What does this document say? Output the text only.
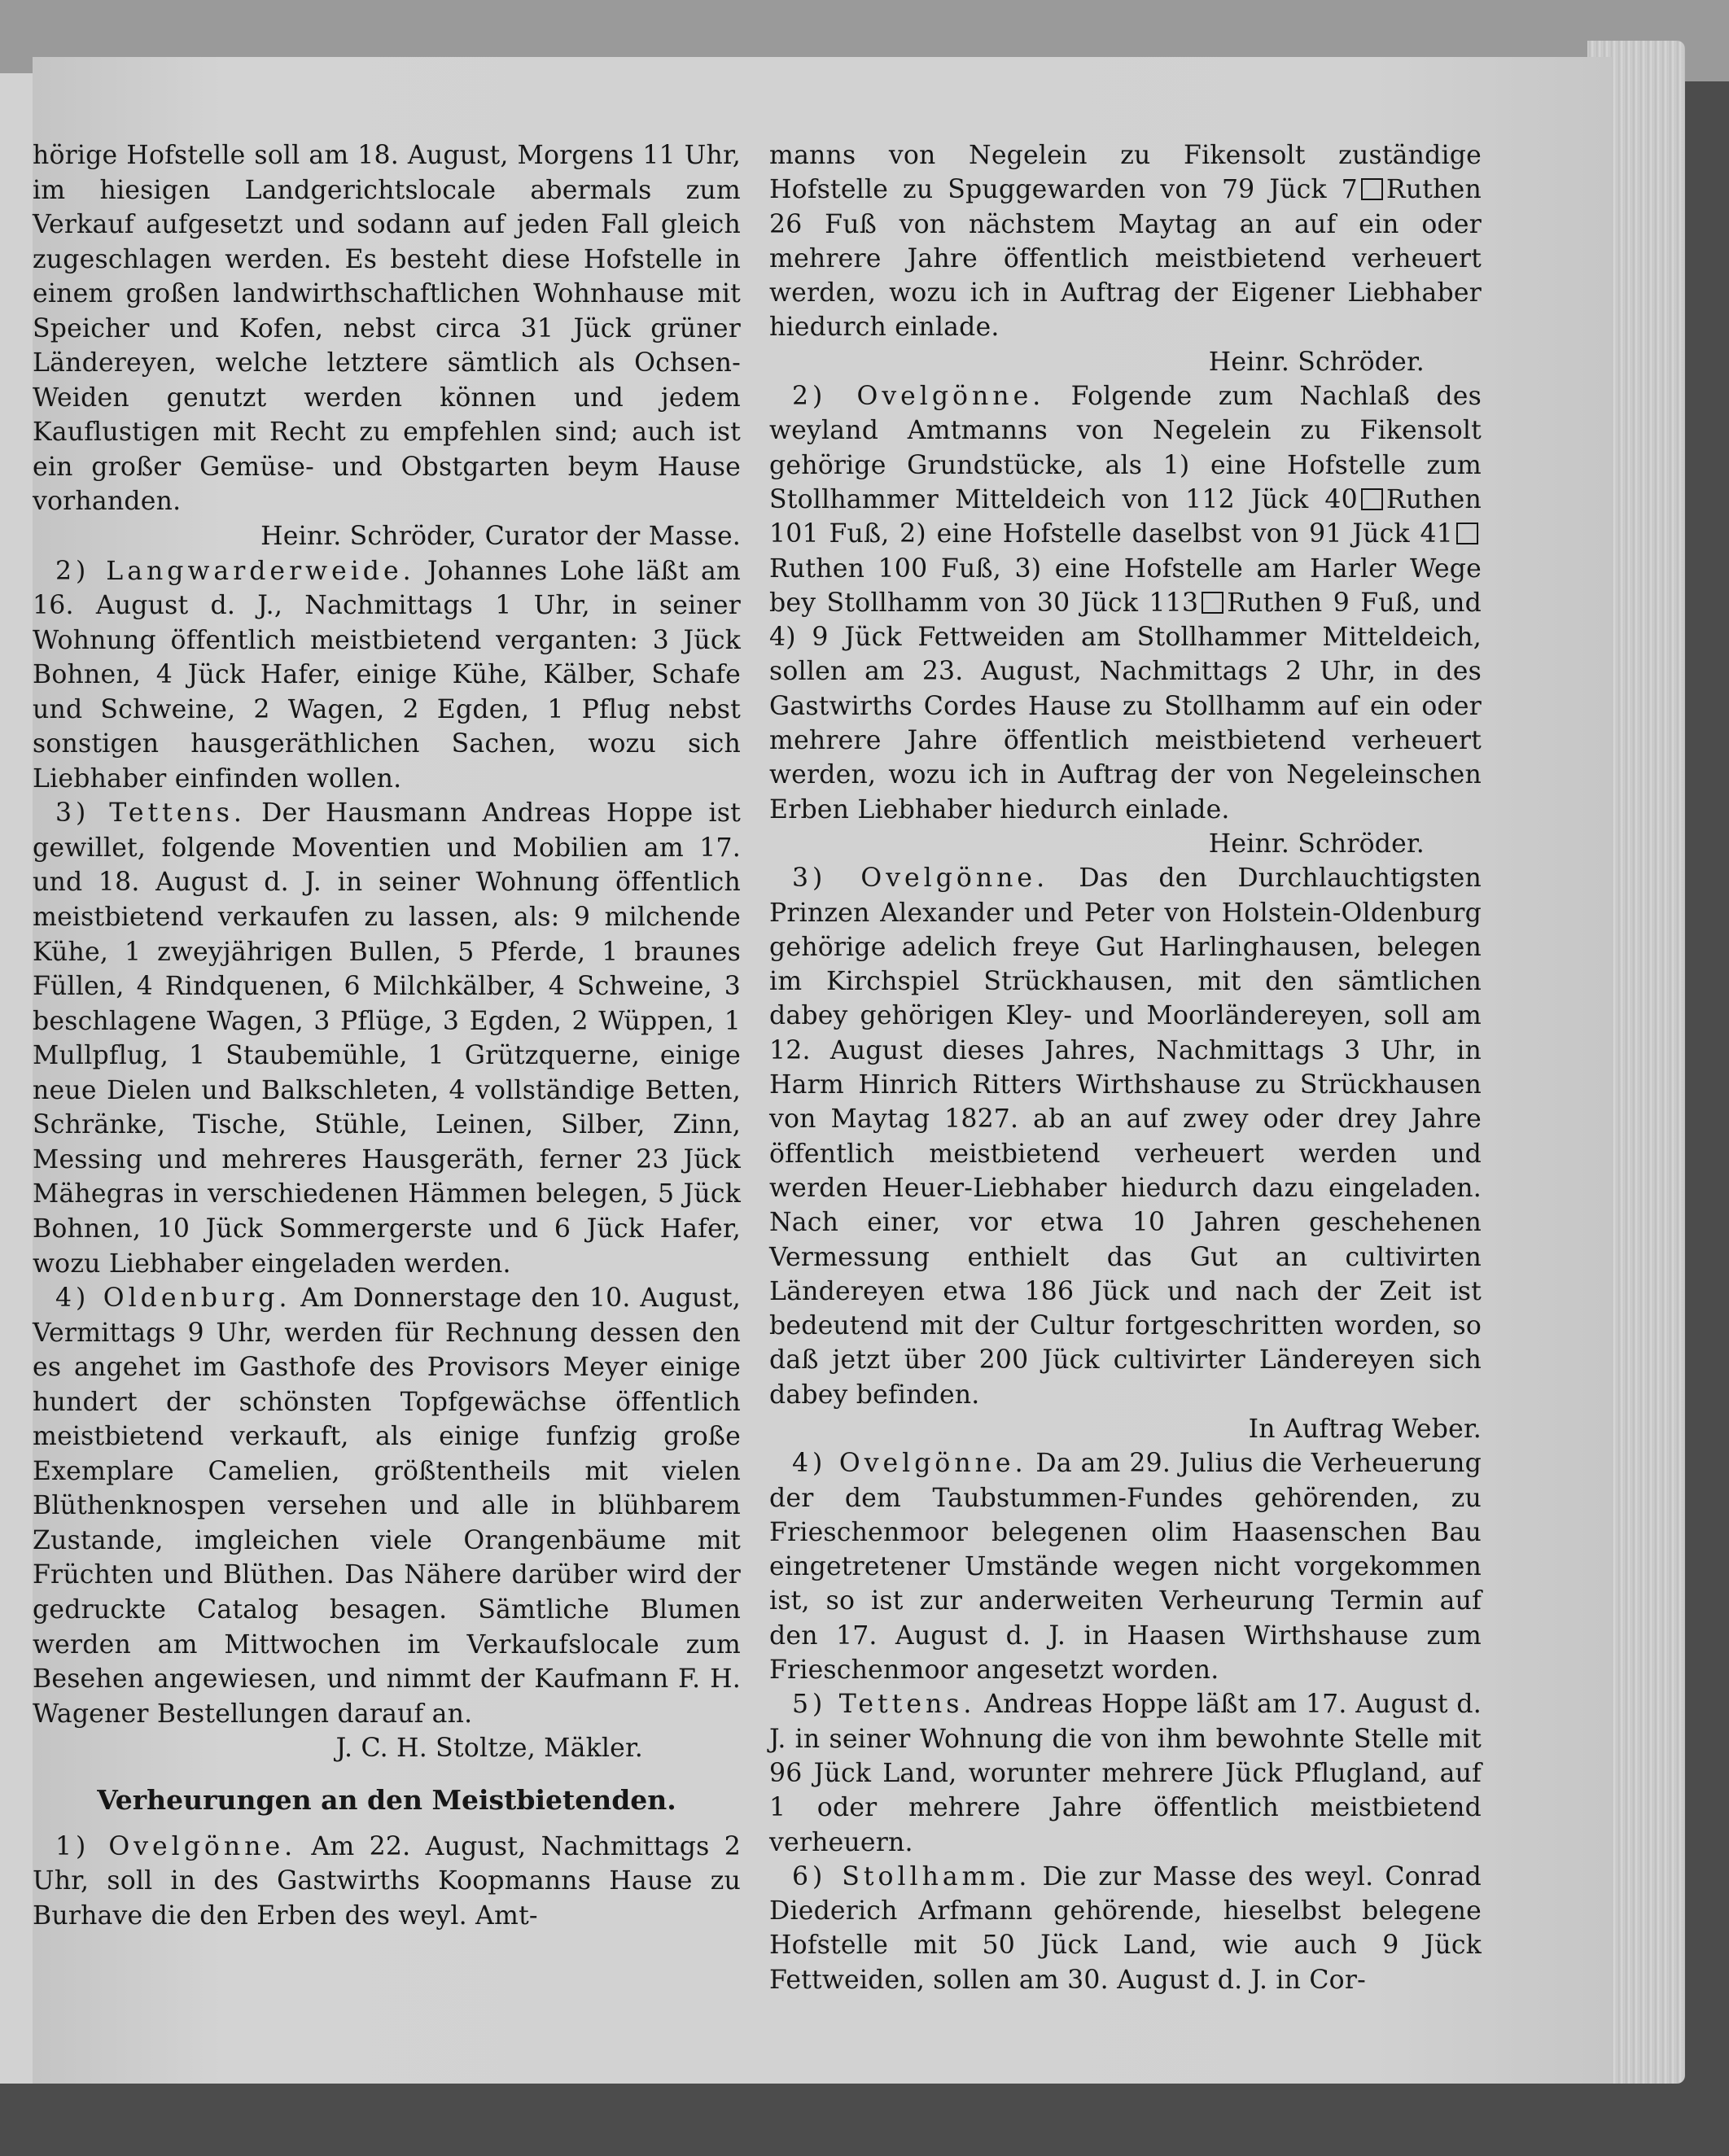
hörige Hofstelle soll am 18. August, Morgens 11 Uhr, im hiesigen Landgerichtslocale abermals zum Verkauf aufgesetzt und sodann auf jeden Fall gleich zugeschlagen werden. Es besteht diese Hofstelle in einem großen landwirthschaftlichen Wohnhause mit Speicher und Kofen, nebst circa 31 Jück grüner Ländereyen, welche letztere sämtlich als Ochsen-Weiden genutzt werden können und jedem Kauflustigen mit Recht zu empfehlen sind; auch ist ein großer Gemüse- und Obstgarten beym Hause vorhanden.

Heinr. Schröder, Curator der Masse.

2) Langwarderweide. Johannes Lohe läßt am 16. August d. J., Nachmittags 1 Uhr, in seiner Wohnung öffentlich meistbietend verganten: 3 Jück Bohnen, 4 Jück Hafer, einige Kühe, Kälber, Schafe und Schweine, 2 Wagen, 2 Egden, 1 Pflug nebst sonstigen hausgeräthlichen Sachen, wozu sich Liebhaber einfinden wollen.

3) Tettens. Der Hausmann Andreas Hoppe ist gewillet, folgende Moventien und Mobilien am 17. und 18. August d. J. in seiner Wohnung öffentlich meistbietend verkaufen zu lassen, als: 9 milchende Kühe, 1 zweyjährigen Bullen, 5 Pferde, 1 braunes Füllen, 4 Rindquenen, 6 Milchkälber, 4 Schweine, 3 beschlagene Wagen, 3 Pflüge, 3 Egden, 2 Wüppen, 1 Mullpflug, 1 Staubemühle, 1 Grützquerne, einige neue Dielen und Balkschleten, 4 vollständige Betten, Schränke, Tische, Stühle, Leinen, Silber, Zinn, Messing und mehreres Hausgeräth, ferner 23 Jück Mähegras in verschiedenen Hämmen belegen, 5 Jück Bohnen, 10 Jück Sommergerste und 6 Jück Hafer, wozu Liebhaber eingeladen werden.

4) Oldenburg. Am Donnerstage den 10. August, Vermittags 9 Uhr, werden für Rechnung dessen den es angehet im Gasthofe des Provisors Meyer einige hundert der schönsten Topfgewächse öffentlich meistbietend verkauft, als einige funfzig große Exemplare Camelien, größtentheils mit vielen Blüthenknospen versehen und alle in blühbarem Zustande, imgleichen viele Orangenbäume mit Früchten und Blüthen. Das Nähere darüber wird der gedruckte Catalog besagen. Sämtliche Blumen werden am Mittwochen im Verkaufslocale zum Besehen angewiesen, und nimmt der Kaufmann F. H. Wagener Bestellungen darauf an.

J. C. H. Stoltze, Mäkler.

Verheurungen an den Meistbietenden.

1) Ovelgönne. Am 22. August, Nachmittags 2 Uhr, soll in des Gastwirths Koopmanns Hause zu Burhave die den Erben des weyl. Amt-

manns von Negelein zu Fikensolt zuständige Hofstelle zu Spuggewarden von 79 Jück 7 Ruthen 26 Fuß von nächstem Maytag an auf ein oder mehrere Jahre öffentlich meistbietend verheuert werden, wozu ich in Auftrag der Eigener Liebhaber hiedurch einlade.

Heinr. Schröder.

2) Ovelgönne. Folgende zum Nachlaß des weyland Amtmanns von Negelein zu Fikensolt gehörige Grundstücke, als 1) eine Hofstelle zum Stollhammer Mitteldeich von 112 Jück 40 Ruthen 101 Fuß, 2) eine Hofstelle daselbst von 91 Jück 41Ruthen 100 Fuß, 3) eine Hofstelle am Harler Wege bey Stollhamm von 30 Jück 113 Ruthen 9 Fuß, und 4) 9 Jück Fettweiden am Stollhammer Mitteldeich, sollen am 23. August, Nachmittags 2 Uhr, in des Gastwirths Cordes Hause zu Stollhamm auf ein oder mehrere Jahre öffentlich meistbietend verheuert werden, wozu ich in Auftrag der von Negeleinschen Erben Liebhaber hiedurch einlade.

Heinr. Schröder.

3) Ovelgönne. Das den Durchlauchtigsten Prinzen Alexander und Peter von Holstein-Oldenburg gehörige adelich freye Gut Harlinghausen, belegen im Kirchspiel Strückhausen, mit den sämtlichen dabey gehörigen Kley- und Moorländereyen, soll am 12. August dieses Jahres, Nachmittags 3 Uhr, in Harm Hinrich Ritters Wirthshause zu Strückhausen von Maytag 1827. ab an auf zwey oder drey Jahre öffentlich meistbietend verheuert werden und werden Heuer-Liebhaber hiedurch dazu eingeladen. Nach einer, vor etwa 10 Jahren geschehenen Vermessung enthielt das Gut an cultivirten Ländereyen etwa 186 Jück und nach der Zeit ist bedeutend mit der Cultur fortgeschritten worden, so daß jetzt über 200 Jück cultivirter Ländereyen sich dabey befinden.

In Auftrag Weber.

4) Ovelgönne. Da am 29. Julius die Verheuerung der dem Taubstummen-Fundes gehörenden, zu Frieschenmoor belegenen olim Haasenschen Bau eingetretener Umstände wegen nicht vorgekommen ist, so ist zur anderweiten Verheurung Termin auf den 17. August d. J. in Haasen Wirthshause zum Frieschenmoor angesetzt worden.

5) Tettens. Andreas Hoppe läßt am 17. August d. J. in seiner Wohnung die von ihm bewohnte Stelle mit 96 Jück Land, worunter mehrere Jück Pflugland, auf 1 oder mehrere Jahre öffentlich meistbietend verheuern.

6) Stollhamm. Die zur Masse des weyl. Conrad Diederich Arfmann gehörende, hieselbst belegene Hofstelle mit 50 Jück Land, wie auch 9 Jück Fettweiden, sollen am 30. August d. J. in Cor-
